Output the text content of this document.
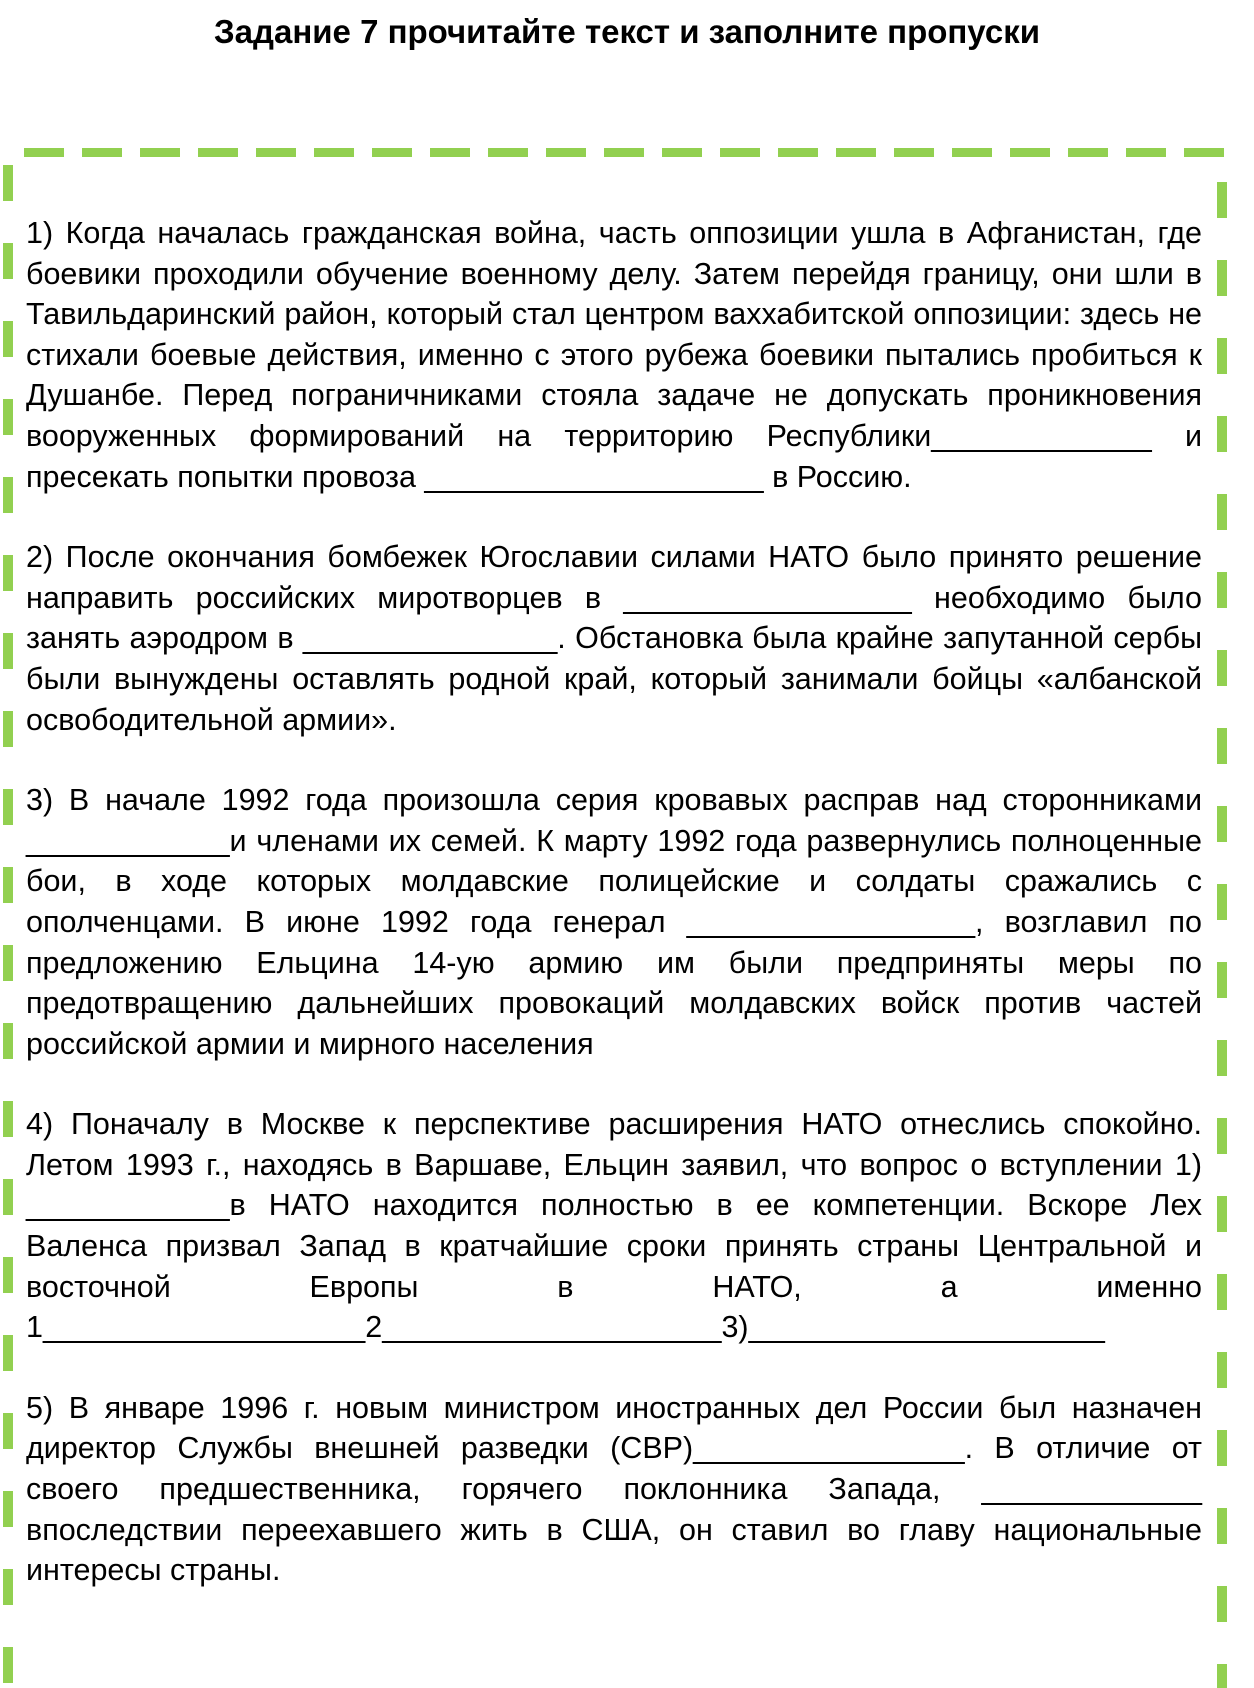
Задание 7 прочитайте текст и заполните пропуски

1) Когда началась гражданская война, часть оппозиции ушла в Афганистан, где боевики проходили обучение военному делу. Затем перейдя границу, они шли в Тавильдаринский район, который стал центром ваххабитской оппозиции: здесь не стихали боевые действия, именно с этого рубежа боевики пытались пробиться к Душанбе. Перед пограничниками стояла задаче не допускать проникновения вооруженных формирований на территорию Республики_____________ и пресекать попытки провоза ____________________ в Россию.

2) После окончания бомбежек Югославии силами НАТО было принято решение направить российских миротворцев в _________________ необходимо было занять аэродром в _______________. Обстановка была крайне запутанной сербы были вынуждены оставлять родной край, который занимали бойцы «албанской освободительной армии».

3) В начале 1992 года произошла серия кровавых расправ над сторонниками ____________и членами их семей. К марту 1992 года развернулись полноценные бои, в ходе которых молдавские полицейские и солдаты сражались с ополченцами. В июне 1992 года генерал _________________, возглавил по предложению Ельцина 14-ую армию им были предприняты меры по предотвращению дальнейших провокаций молдавских войск против частей российской армии и мирного населения

4) Поначалу в Москве к перспективе расширения НАТО отнеслись спокойно. Летом 1993 г., находясь в Варшаве, Ельцин заявил, что вопрос о вступлении 1) ____________в НАТО находится полностью в ее компетенции. Вскоре Лех Валенса призвал Запад в кратчайшие сроки принять страны Центральной и восточной Европы в НАТО, а именно 1___________________2____________________3)_____________________

5) В январе 1996 г. новым министром иностранных дел России был назначен директор Службы внешней разведки (СВР)________________. В отличие от своего предшественника, горячего поклонника Запада, _____________ впоследствии переехавшего жить в США, он ставил во главу национальные интересы страны.
